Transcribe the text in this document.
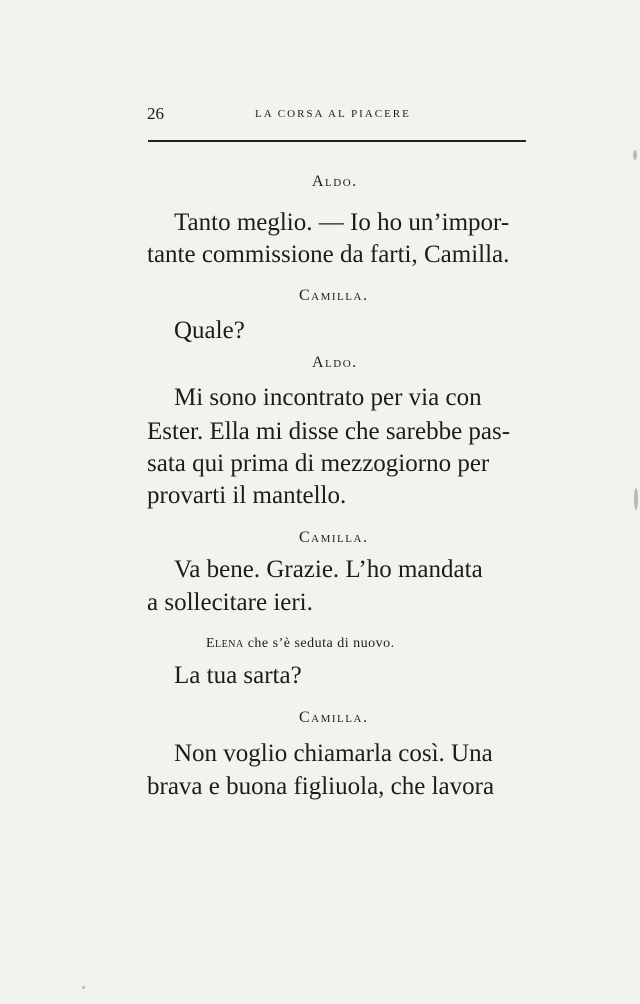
26	LA CORSA AL PIACERE
Aldo.
Tanto meglio. — Io ho un’impor-
tante commissione da farti, Camilla.
Camilla.
Quale?
Aldo.
Mi sono incontrato per via con
Ester. Ella mi disse che sarebbe pas-
sata qui prima di mezzogiorno per
provarti il mantello.
Camilla.
Va bene. Grazie. L’ho mandata
a sollecitare ieri.
Elena che s’è seduta di nuovo.
La tua sarta?
Camilla.
Non voglio chiamarla così. Una
brava e buona figliuola, che lavora
